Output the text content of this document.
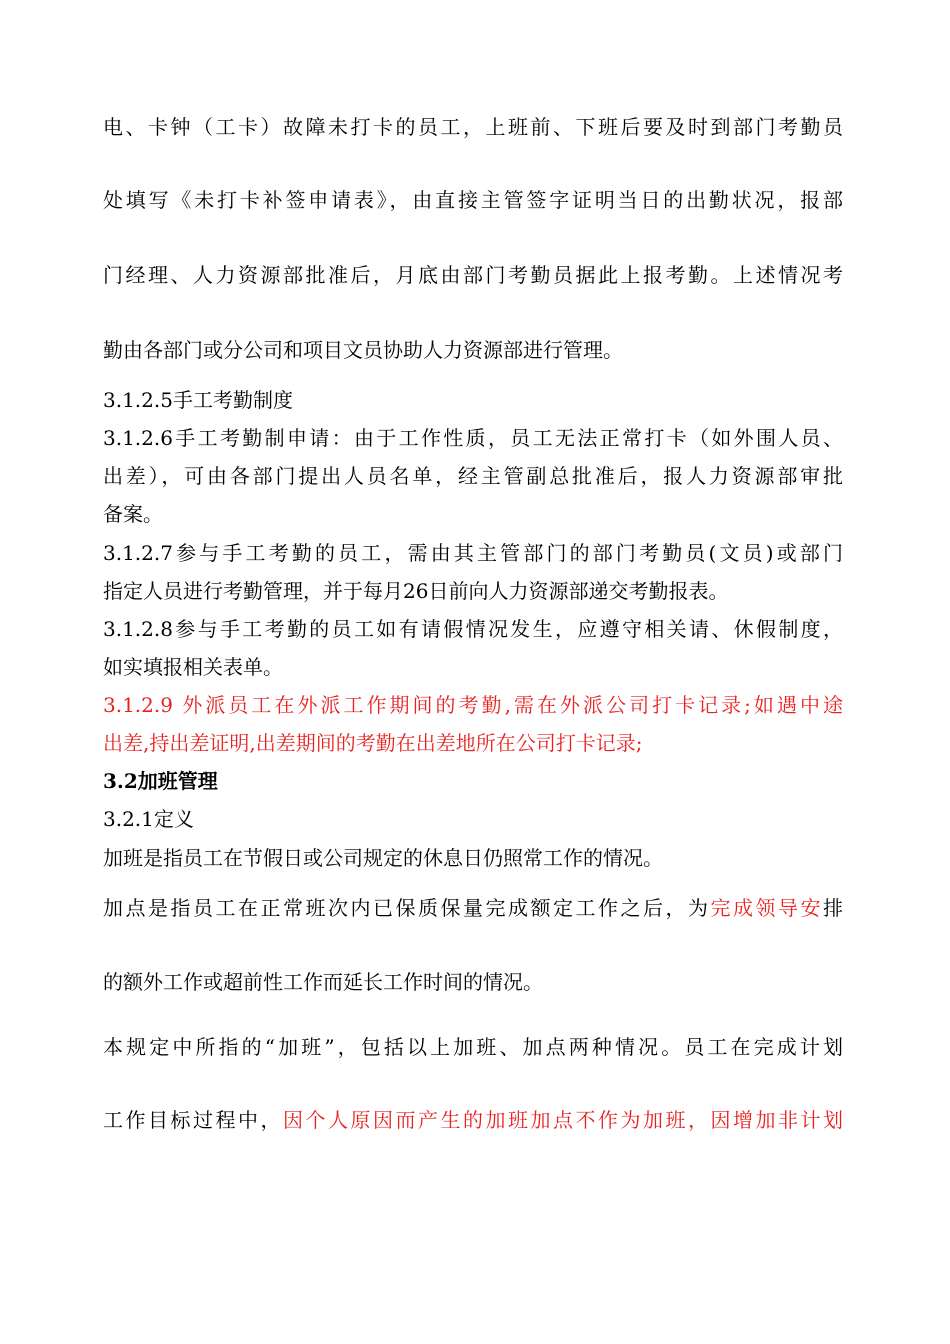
电、卡钟（工卡）故障未打卡的员工，上班前、下班后要及时到部门考勤员

处填写《未打卡补签申请表》，由直接主管签字证明当日的出勤状况，报部

门经理、人力资源部批准后，月底由部门考勤员据此上报考勤。上述情况考

勤由各部门或分公司和项目文员协助人力资源部进行管理。

3.1.2.5手工考勤制度

3.1.2.6手工考勤制申请：由于工作性质，员工无法正常打卡（如外围人员、

出差），可由各部门提出人员名单，经主管副总批准后，报人力资源部审批

备案。

3.1.2.7参与手工考勤的员工，需由其主管部门的部门考勤员(文员)或部门

指定人员进行考勤管理，并于每月26日前向人力资源部递交考勤报表。

3.1.2.8参与手工考勤的员工如有请假情况发生，应遵守相关请、休假制度，

如实填报相关表单。

3.1.2.9 外派员工在外派工作期间的考勤,需在外派公司打卡记录;如遇中途

出差,持出差证明,出差期间的考勤在出差地所在公司打卡记录;

3.2加班管理

3.2.1定义

加班是指员工在节假日或公司规定的休息日仍照常工作的情况。

加点是指员工在正常班次内已保质保量完成额定工作之后，为完成领导安排

的额外工作或超前性工作而延长工作时间的情况。

本规定中所指的“加班”，包括以上加班、加点两种情况。员工在完成计划

工作目标过程中，因个人原因而产生的加班加点不作为加班，因增加非计划
